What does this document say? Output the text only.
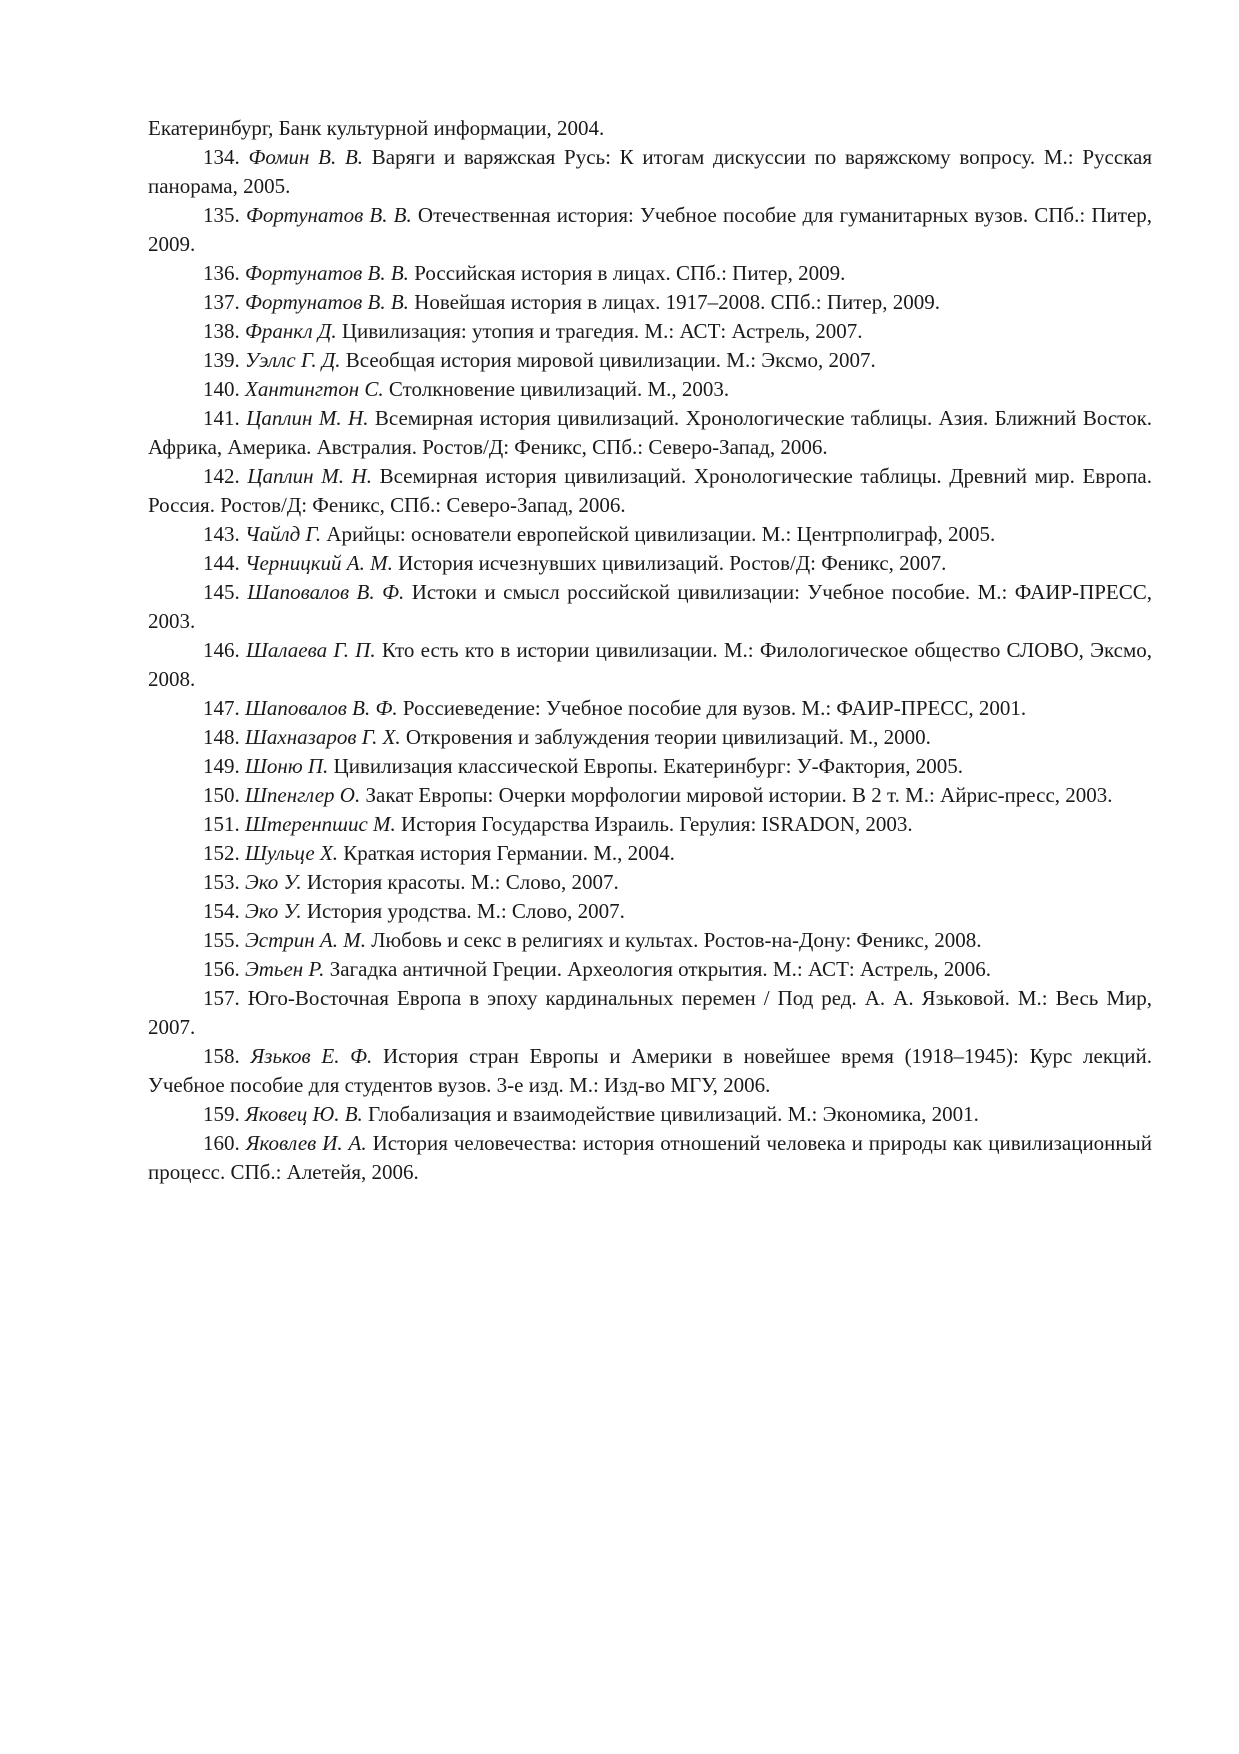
Екатеринбург, Банк культурной информации, 2004.

134. Фомин В. В. Варяги и варяжская Русь: К итогам дискуссии по варяжскому вопросу. М.: Русская панорама, 2005.

135. Фортунатов В. В. Отечественная история: Учебное пособие для гуманитарных вузов. СПб.: Питер, 2009.

136. Фортунатов В. В. Российская история в лицах. СПб.: Питер, 2009.

137. Фортунатов В. В. Новейшая история в лицах. 1917–2008. СПб.: Питер, 2009.

138. Франкл Д. Цивилизация: утопия и трагедия. М.: АСТ: Астрель, 2007.

139. Уэллс Г. Д. Всеобщая история мировой цивилизации. М.: Эксмо, 2007.

140. Хантингтон С. Столкновение цивилизаций. М., 2003.

141. Цаплин М. Н. Всемирная история цивилизаций. Хронологические таблицы. Азия. Ближний Восток. Африка, Америка. Австралия. Ростов/Д: Феникс, СПб.: Северо-Запад, 2006.

142. Цаплин М. Н. Всемирная история цивилизаций. Хронологические таблицы. Древний мир. Европа. Россия. Ростов/Д: Феникс, СПб.: Северо-Запад, 2006.

143. Чайлд Г. Арийцы: основатели европейской цивилизации. М.: Центрполиграф, 2005.

144. Черницкий А. М. История исчезнувших цивилизаций. Ростов/Д: Феникс, 2007.

145. Шаповалов В. Ф. Истоки и смысл российской цивилизации: Учебное пособие. М.: ФАИР-ПРЕСС, 2003.

146. Шалаева Г. П. Кто есть кто в истории цивилизации. М.: Филологическое общество СЛОВО, Эксмо, 2008.

147. Шаповалов В. Ф. Россиеведение: Учебное пособие для вузов. М.: ФАИР-ПРЕСС, 2001.

148. Шахназаров Г. Х. Откровения и заблуждения теории цивилизаций. М., 2000.

149. Шоню П. Цивилизация классической Европы. Екатеринбург: У-Фактория, 2005.

150. Шпенглер О. Закат Европы: Очерки морфологии мировой истории. В 2 т. М.: Айрис-пресс, 2003.

151. Штеренпшис М. История Государства Израиль. Герулия: ISRADON, 2003.

152. Шульце Х. Краткая история Германии. М., 2004.

153. Эко У. История красоты. М.: Слово, 2007.

154. Эко У. История уродства. М.: Слово, 2007.

155. Эстрин А. М. Любовь и секс в религиях и культах. Ростов-на-Дону: Феникс, 2008.

156. Этьен Р. Загадка античной Греции. Археология открытия. М.: АСТ: Астрель, 2006.

157. Юго-Восточная Европа в эпоху кардинальных перемен / Под ред. А. А. Язьковой. М.: Весь Мир, 2007.

158. Язьков Е. Ф. История стран Европы и Америки в новейшее время (1918–1945): Курс лекций. Учебное пособие для студентов вузов. 3-е изд. М.: Изд-во МГУ, 2006.

159. Яковец Ю. В. Глобализация и взаимодействие цивилизаций. М.: Экономика, 2001.

160. Яковлев И. А. История человечества: история отношений человека и природы как цивилизационный процесс. СПб.: Алетейя, 2006.
